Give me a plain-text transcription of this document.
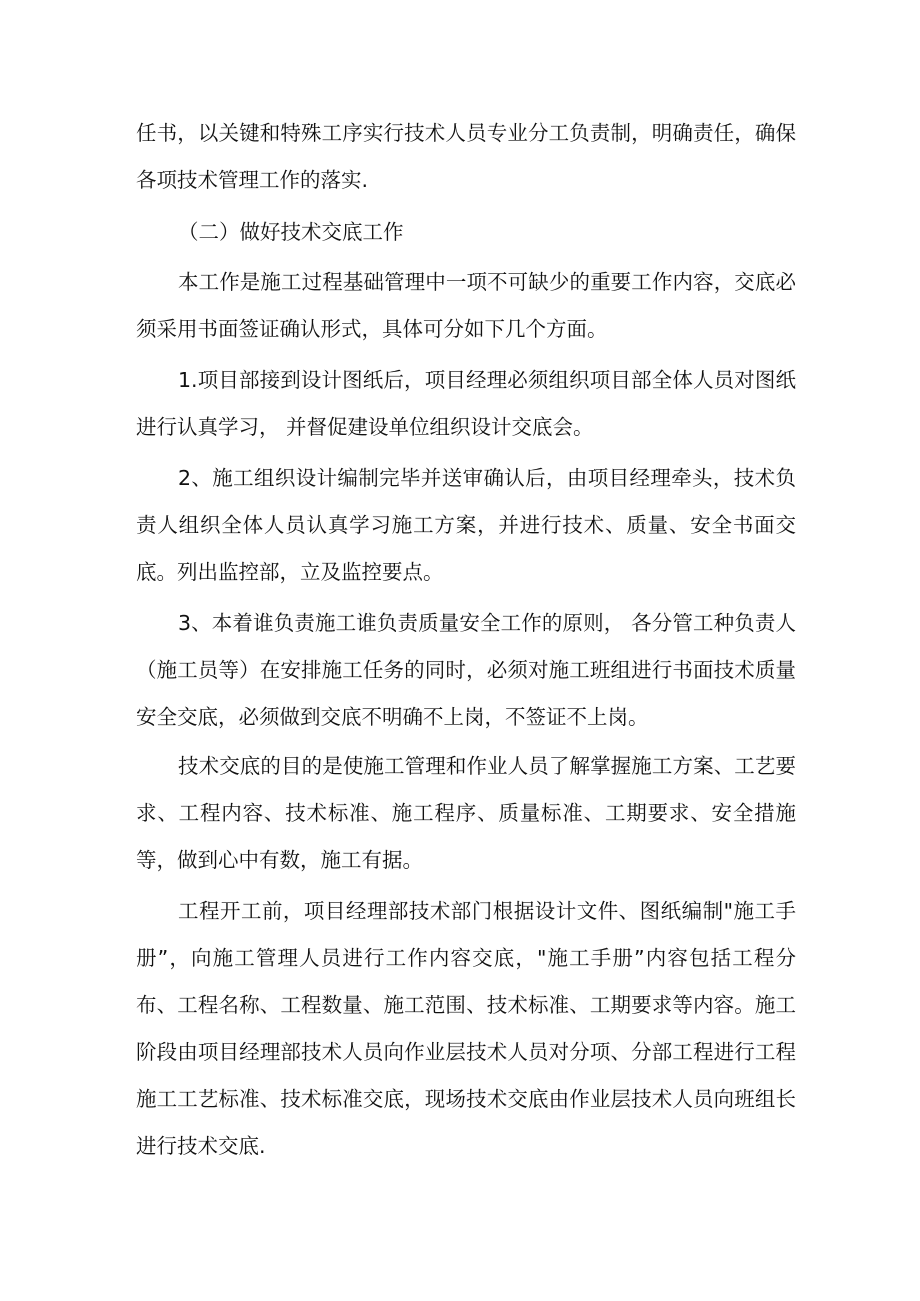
任书，以关键和特殊工序实行技术人员专业分工负责制，明确责任，确保各项技术管理工作的落实.

（二）做好技术交底工作

本工作是施工过程基础管理中一项不可缺少的重要工作内容，交底必须采用书面签证确认形式，具体可分如下几个方面。

1.项目部接到设计图纸后，项目经理必须组织项目部全体人员对图纸进行认真学习， 并督促建设单位组织设计交底会。

2、施工组织设计编制完毕并送审确认后，由项目经理牵头，技术负责人组织全体人员认真学习施工方案，并进行技术、质量、安全书面交底。列出监控部，立及监控要点。

3、本着谁负责施工谁负责质量安全工作的原则， 各分管工种负责人（施工员等）在安排施工任务的同时，必须对施工班组进行书面技术质量安全交底，必须做到交底不明确不上岗，不签证不上岗。

技术交底的目的是使施工管理和作业人员了解掌握施工方案、工艺要求、工程内容、技术标准、施工程序、质量标准、工期要求、安全措施等，做到心中有数，施工有据。

工程开工前，项目经理部技术部门根据设计文件、图纸编制"施工手册”，向施工管理人员进行工作内容交底，"施工手册”内容包括工程分布、工程名称、工程数量、施工范围、技术标准、工期要求等内容。施工阶段由项目经理部技术人员向作业层技术人员对分项、分部工程进行工程施工工艺标准、技术标准交底，现场技术交底由作业层技术人员向班组长进行技术交底.
